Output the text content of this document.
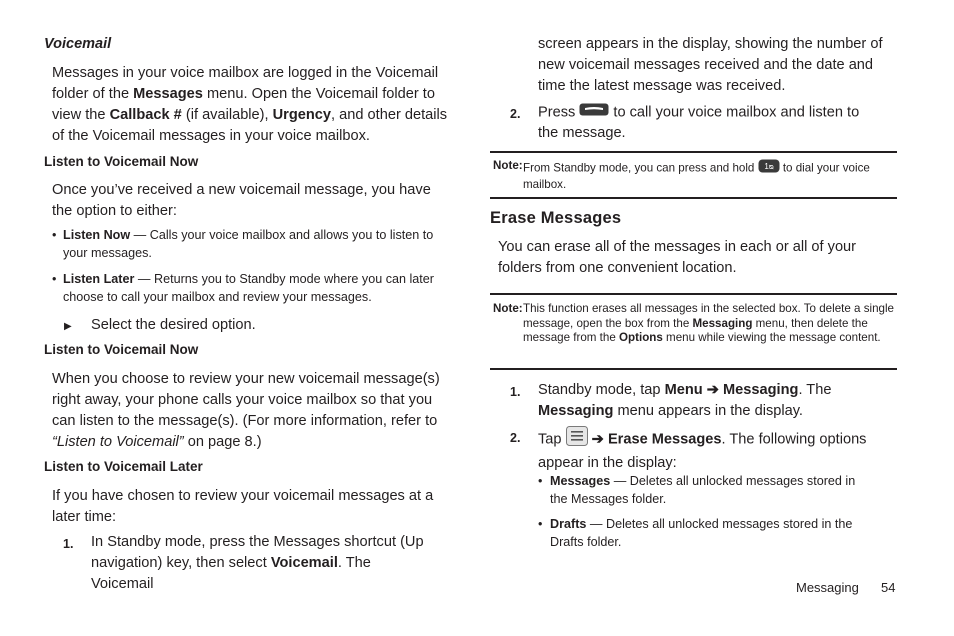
Voicemail
Messages in your voice mailbox are logged in the Voicemail folder of the Messages menu. Open the Voicemail folder to view the Callback # (if available), Urgency, and other details of the Voicemail messages in your voice mailbox.
Listen to Voicemail Now
Once you’ve received a new voicemail message, you have the option to either:
• Listen Now — Calls your voice mailbox and allows you to listen to your messages.
• Listen Later — Returns you to Standby mode where you can later choose to call your mailbox and review your messages.
▶ Select the desired option.
Listen to Voicemail Now
When you choose to review your new voicemail message(s) right away, your phone calls your voice mailbox so that you can listen to the message(s). (For more information, refer to “Listen to Voicemail” on page 8.)
Listen to Voicemail Later
If you have chosen to review your voicemail messages at a later time:
1. In Standby mode, press the Messages shortcut (Up navigation) key, then select Voicemail. The Voicemail
screen appears in the display, showing the number of new voicemail messages received and the date and time the latest message was received.
2. Press  to call your voice mailbox and listen to the message.
Note: From Standby mode, you can press and hold 1ᴓ to dial your voice mailbox.
Erase Messages
You can erase all of the messages in each or all of your folders from one convenient location.
Note: This function erases all messages in the selected box. To delete a single message, open the box from the Messaging menu, then delete the message from the Options menu while viewing the message content.
1. Standby mode, tap Menu ➔ Messaging. The Messaging menu appears in the display.
2. Tap  ➔ Erase Messages. The following options appear in the display:
• Messages — Deletes all unlocked messages stored in the Messages folder.
• Drafts — Deletes all unlocked messages stored in the Drafts folder.
Messaging 54
